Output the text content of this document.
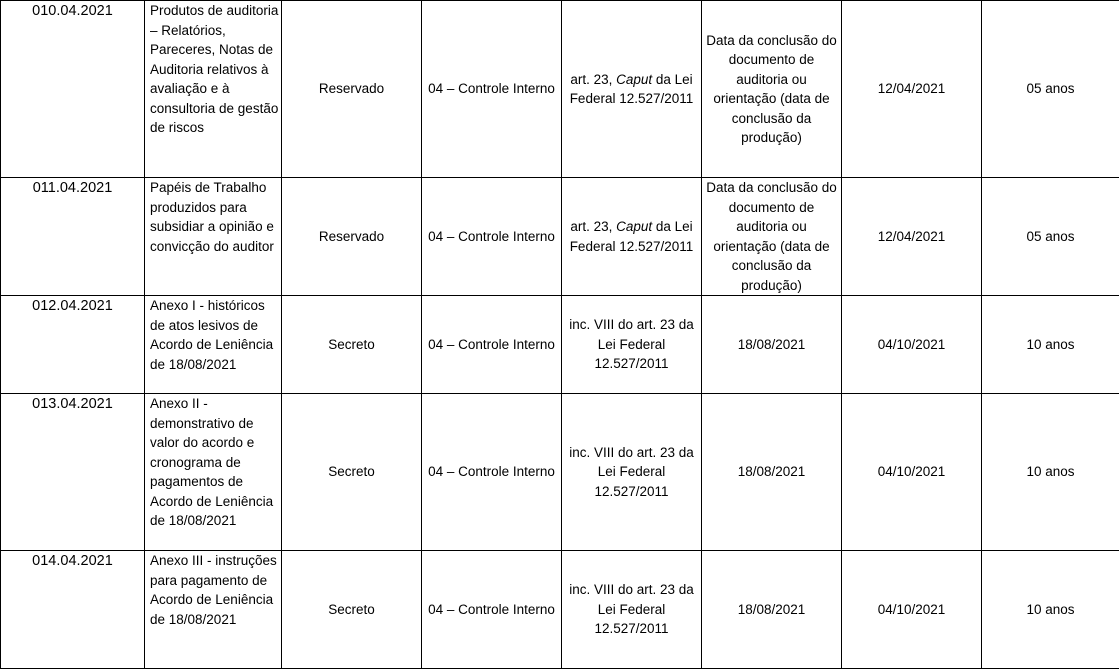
010.04.2021	Produtos de auditoria – Relatórios, Pareceres, Notas de Auditoria relativos à avaliação e à consultoria de gestão de riscos	Reservado	04 – Controle Interno	art. 23, Caput da Lei Federal 12.527/2011	Data da conclusão do documento de auditoria ou orientação (data de conclusão da produção)	12/04/2021	05 anos
011.04.2021	Papéis de Trabalho produzidos para subsidiar a opinião e convicção do auditor	Reservado	04 – Controle Interno	art. 23, Caput da Lei Federal 12.527/2011	Data da conclusão do documento de auditoria ou orientação (data de conclusão da produção)	12/04/2021	05 anos
012.04.2021	Anexo I - históricos de atos lesivos de Acordo de Leniência de 18/08/2021	Secreto	04 – Controle Interno	inc. VIII do art. 23 da Lei Federal 12.527/2011	18/08/2021	04/10/2021	10 anos
013.04.2021	Anexo II - demonstrativo de valor do acordo e cronograma de pagamentos de Acordo de Leniência de 18/08/2021	Secreto	04 – Controle Interno	inc. VIII do art. 23 da Lei Federal 12.527/2011	18/08/2021	04/10/2021	10 anos
014.04.2021	Anexo III - instruções para pagamento de Acordo de Leniência de 18/08/2021	Secreto	04 – Controle Interno	inc. VIII do art. 23 da Lei Federal 12.527/2011	18/08/2021	04/10/2021	10 anos
